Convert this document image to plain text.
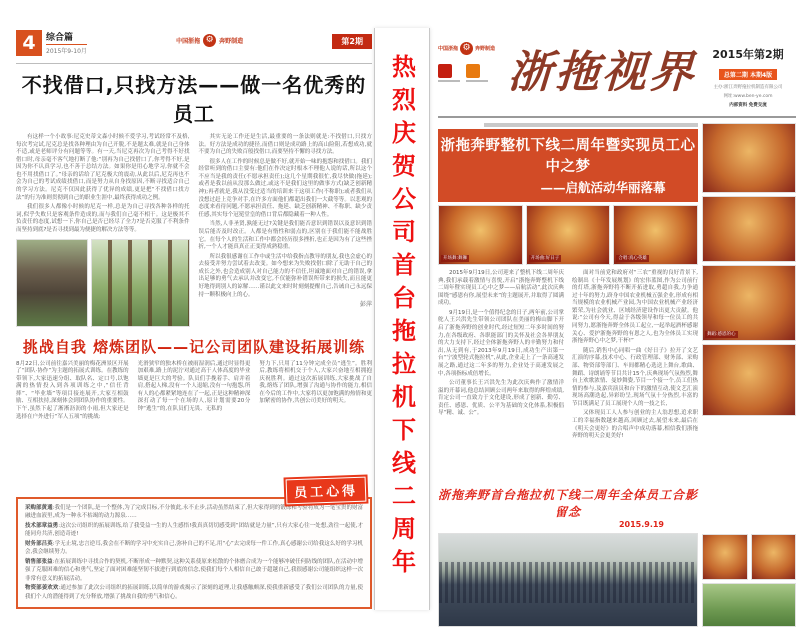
4	综合篇
2015年9-10月
中国浙拖 ⚙ 奔野制造	第2期
不找借口,只找方法——做一名优秀的员工

有这样一个小故事:尼克史蒂文森小时候不爱学习,考试经常不及格,每次考完试,尼克总是找各种理由为自己开脱,不是题太难,就是自己身体不适,或是老师评分有问题等等。有一天,当尼克再次为自己考得不好找借口时,母亲毫不客气地打断了他:“别再为自己找借口了,你考得不好,是因为你不认真学习,也不善于总结方法。如果你是用心地学习,你就不会也不用找借口了。”母亲的话给了尼克极大的震动,从此以后,尼克再也不会为自己的考试成绩找借口,而是努力从自身找原因,不断寻找适合自己的学习方法。尼克不仅因此获得了优异的成绩,更是把“不找借口找方法”的行为准则贯彻到自己的职业生涯中,最终获得成功之例。

我们很多人都像小时候的尼克一样,总是为自己寻找各种各样的托词,似乎失败只是客观条件造成的,而与我们自己毫不相干。这是极其不负责任的态度,试想一下,你自己是否已经尽了全力?是否克服了不利条件而坚持到底?是否寻找到最为便捷的解决方法等等。

其实无论工作还是生活,最重要的一条法则就是:不找借口,只找方法。好方法是成功的捷径,而借口则是成功路上的高山险阻,若想成功,就不要为自己的失败百般找借口,而要坚持不懈的寻找方法。

很多人在工作的时候总是做不好,就开始一味的抱怨和找借口。我们经常听到的借口主要有:他们在作决定时根本不理他人说的话,所以这个不应当是我的责任(不愿承担责任);这几个星期我很忙,我尽快做(拖延);或者是我以前从没那么做过,或这不是我们这里的做事方式(缺乏创新精神);再者就是,我从没受过适当的培训来干这项工作(不称职);或者我们从没想过赶上竞争对手,在许多方面他们都超出我们一大截等等。以悲观的态度来看待问题,不愿承担责任、拖延、缺乏创新精神、不称职、缺少责任感,其实每个冠冕堂皇的借口背后都隐藏着一种人性。

当然,人非圣贤,孰能无过?关键是我们能否意识到错误以及意识到错误后能否及时改正。人都是有惰性和弱点的,区别在于我们能不能战胜它。在每个人的生活和工作中都会经历很多挫折,也正是因为有了这些挫折,一个人才能真真正正变得成熟稳重。

所以我很感谢在工作中或生活中给我指点教导的朋友,我也会虚心的去接受并努力尝试着去改变。如今想来为失败找借口除了无助于自己的成长之外,也会造成别人对自己能力的不信任,坦诚地面对自己的错误,拿出足够的勇气去承认并改变它,不仅能弥补错误所带来的损失,而且能更好地得到别人的谅解……谨以此文来时时刻刻提醒自己,告诫自己永远保持一颗积极向上的心。

彭萍
挑战自我 熔炼团队——记公司团队建设拓展训练
8月22日,公司前往嘉兴美丽的梅花洲景区开展了“团队·协作”为主题的拓展式训练。在教练的带领下,大家迅速分组、取队名、定口号,以饱满的热情投入到各项训练之中,“信任背摔”、“毕业墙”等项目接连展开,大家互相鼓励、互相扶持,深刻体会到团队协作的重要性。下午,虽然下起了淅淅沥沥的小雨,但大家还是选择在户外进行“军人五项”的挑战:
光滑狭窄的独木桥在被雨湿润后,通过时显得更加艰难,路上的泥泞对通过高于人体高度的毕业墙更是巨大的考验。队员们手挽着手、肩并着肩,搭起人梯,没有一个人退缩,没有一句抱怨,所有人的心都紧紧地连在了一起,正是这种精神深深打动了每一个在场的人,原计划需要20分钟“逃生”的,在队员们无畏、无私的
努力下,只用了11分钟完成全员“逃生”。胜利后,教练将相机交于个人,大家兴奋地互相拥抱庆祝胜利。通过这次拓展训练,大家挑战了自我,熔炼了团队,增强了沟通与协作的能力,相信在今后的工作中,大家将以更加饱满的热情和更加紧密的协作,共创公司美好的明天。
员工心得
采购部黄通:我们是一个团队,是一个整体,为了完成目标,不分彼此,永不止步,活动虽然结束了,但大家得到的锻炼和考验将成为一笔宝贵的财富融进血液里,成为一种永不枯竭的动力源泉……
技术部章益勇:这次公司组织的拓展训练,给了我受益一生的人生感悟!我真真切切感受到“团结就是力量”,只有大家心往一处想,劲往一起使,才能同舟共济,创造奇迹!
财务部吕英:学无止境,忠言逆耳,我会在不断的学习中充实自己,弥补自己的不足,用“心”去完成每一件工作,真心感谢公司给我这么好的学习机会,我会继续努力。
销售部张益:在拓展训练中寻找合作的契机,不断形成一种默契,这种关系使原来松散的个体磨合成为一个能够冲破任何防线的团队,在活动中增强了克服困难的信心和勇气,坚定了面对困难能坚韧不拔进行到底的信念,使我们每个人相信自己敢于超越自己,我很感谢公司能组织这样一次非常有意义的拓展活动。
物资部姜欢欢:通过参加了此次公司组织的拓展训练,以简单的游戏揭示了深刻的道理,让我感触颇深,使我重新感受了我们公司团队的力量,使我们个人的潜能得到了充分释放,增强了挑战自我的勇气和信心。
热烈庆贺公司首台拖拉机下线二周年
中国浙拖 ⚙ 奔野制造 浙拖视界	2015年第2期
总第二期 本期4版
主办:浙江奔野拖拉机制造有限公司
网址:www.ben-ye.com
内部资料 免费交流
浙拖奔野整机下线二周年暨实现员工心中之梦
——启航活动华丽落幕
开场舞:舞狮	开场曲:好日子	合唱:真心英雄

2015年9月19日,公司迎来了整机下线二周年庆典,我们承载着激情与喜悦,开启“浙拖奔野整机下线二周年暨实现员工心中之梦——启航活动”,此次庆典围绕“感恩有你,展望未来”的主题展开,并取得了圆满成功。

9月19日,是一个值得纪念的日子,两年前,公司掌舵人王兴洪先生带领公司团队在美丽的梅山脚下开启了浙拖奔野的创业时代,经过短短二年多时间的努力,在各级政府、各职能部门的关怀及社会各界朋友的大力支持下,经过全体浙拖奔野人的辛勤努力和付出,从无到有,于2013年9月19日,成功生产出第一台“宁波型轮式拖拉机”,从此,企业走上了一条高速发展之路,通过这二年多的努力,企业处于高速发展之中,各项指标成倍增长。

公司董事长王兴洪先生为此次庆典作了激情洋溢的开幕词,他总结回顾公司两年来取得的辉煌成绩,肯定公司一直致力于文化建设,形成了创新、勤劳、责任、感恩、优质、公平为基础的文化体系,积极倡导“精、诚、公”。

面对当前党和政府对“三农”重视的良好背景下,绘制出《十年发展规划》的宏伟蓝图,作为公司前行的灯塔,浙拖奔野将不断开拓进取,勇超自我,力争通过十年的努力,跻身中国农业机械五强企业,形成有相当规模的农业机械产业园,为中国农业机械产业经济繁荣,为社会就业、区域经济建设作出更大贡献。他说:“公司有今天,得益于各级领导和每一位员工的共同努力,愿浙拖奔野全体员工起立,一起举起酒杯感谢关心、爱护浙拖奔野的有恩之人,也为全体员工实现浙拖奔野心中之梦,干杯!”

随后,销售中心同唱一曲《好日子》拉开了文艺汇演的序幕,技术中心、行政管理部、财务部、采购部、物资部等部门、车间都精心选送上舞台,歌曲、舞蹈、诗朗诵等节目共计15个,庆典现场气氛热烈,舞台上欢歌浓情、曼妙舞姿,节目一个接一个,员工们热情的参与,及嘉宾演员和台下的激情互动,使文艺汇演现场高潮迭起,异彩纷呈,现场气氛十分热烈,丰富的节目既满足了员工展现个人的一技之长,

又体现员工人人参与创业的主人翁思想,追求职工的幸福指数越来越高,回顾过去,展望未来,最后在《明天会更好》的合唱声中成功落幕,相信我们浙拖奔野的明天会更美好!

浙拖奔野首台拖拉机下线二周年全体员工合影留念
2015.9.19
舞蹈:感恩的心
